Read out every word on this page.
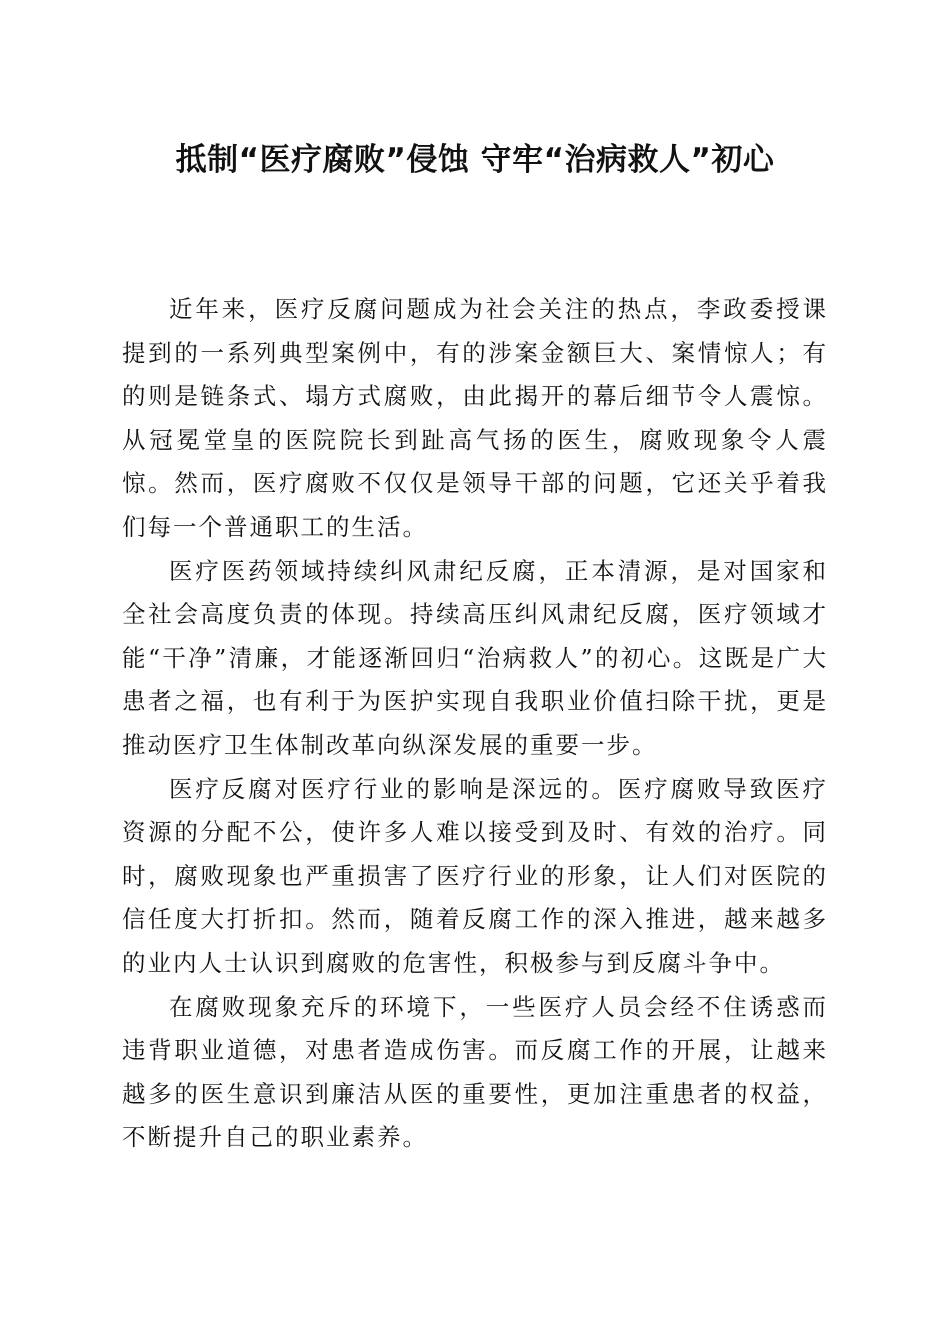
抵制“医疗腐败”侵蚀 守牢“治病救人”初心

近年来，医疗反腐问题成为社会关注的热点，李政委授课提到的一系列典型案例中，有的涉案金额巨大、案情惊人；有的则是链条式、塌方式腐败，由此揭开的幕后细节令人震惊。从冠冕堂皇的医院院长到趾高气扬的医生，腐败现象令人震惊。然而，医疗腐败不仅仅是领导干部的问题，它还关乎着我们每一个普通职工的生活。

医疗医药领域持续纠风肃纪反腐，正本清源，是对国家和全社会高度负责的体现。持续高压纠风肃纪反腐，医疗领域才能“干净”清廉，才能逐渐回归“治病救人”的初心。这既是广大患者之福，也有利于为医护实现自我职业价值扫除干扰，更是推动医疗卫生体制改革向纵深发展的重要一步。

医疗反腐对医疗行业的影响是深远的。医疗腐败导致医疗资源的分配不公，使许多人难以接受到及时、有效的治疗。同时，腐败现象也严重损害了医疗行业的形象，让人们对医院的信任度大打折扣。然而，随着反腐工作的深入推进，越来越多的业内人士认识到腐败的危害性，积极参与到反腐斗争中。

在腐败现象充斥的环境下，一些医疗人员会经不住诱惑而违背职业道德，对患者造成伤害。而反腐工作的开展，让越来越多的医生意识到廉洁从医的重要性，更加注重患者的权益，不断提升自己的职业素养。
